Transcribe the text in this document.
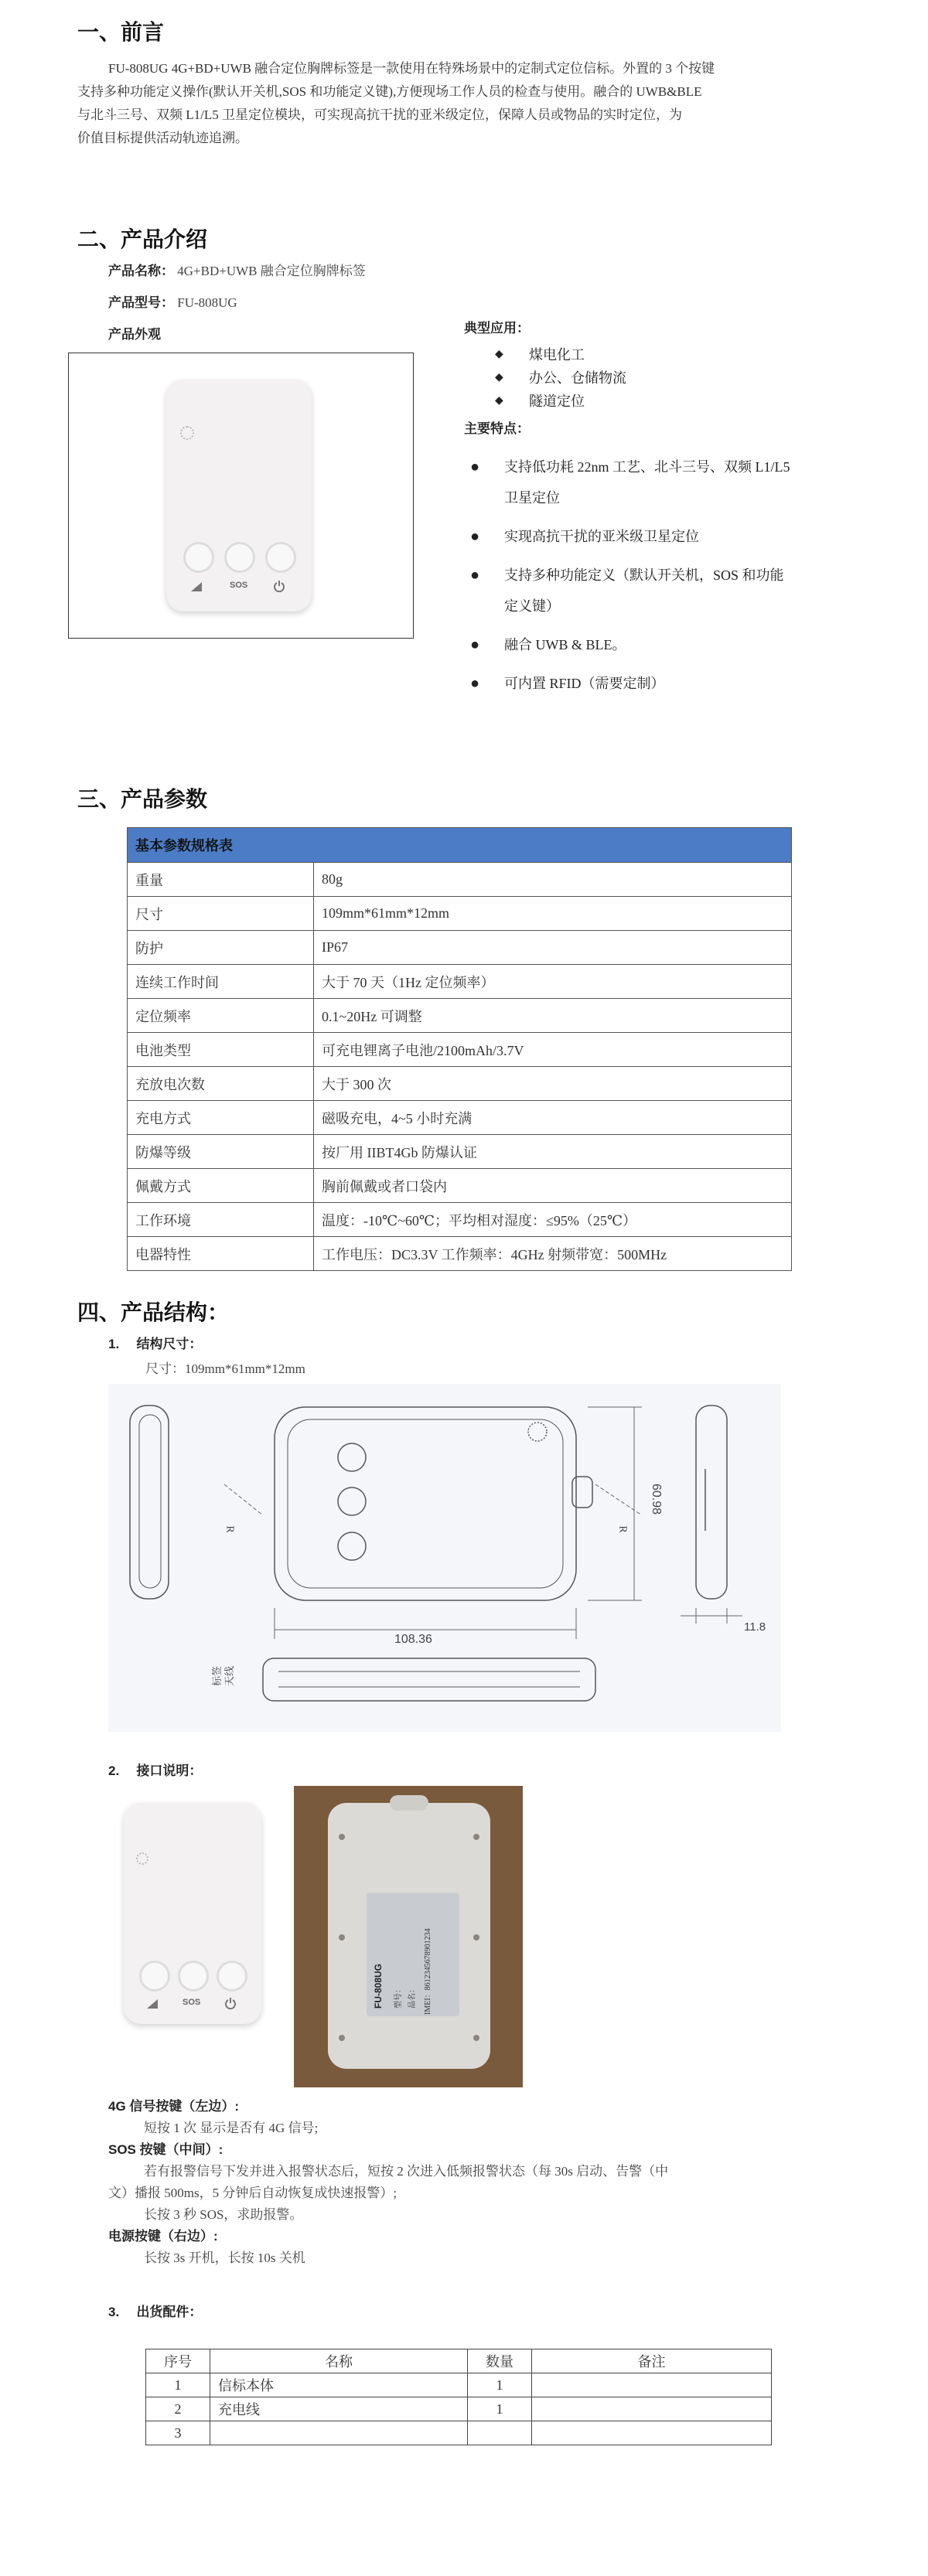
一、前言
FU-808UG 4G+BD+UWB 融合定位胸牌标签是一款使用在特殊场景中的定制式定位信标。外置的 3 个按键
支持多种功能定义操作(默认开关机,SOS 和功能定义键),方便现场工作人员的检查与使用。融合的 UWB&BLE
与北斗三号、双频 L1/L5 卫星定位模块，可实现高抗干扰的亚米级定位，保障人员或物品的实时定位，为
价值目标提供活动轨迹追溯。
二、产品介绍
产品名称： 4G+BD+UWB 融合定位胸牌标签
产品型号： FU-808UG
产品外观
SOS
典型应用：
◆ 煤电化工
◆ 办公、仓储物流
◆ 隧道定位
主要特点：
● 支持低功耗 22nm 工艺、北斗三号、双频 L1/L5
卫星定位
● 实现高抗干扰的亚米级卫星定位
● 支持多种功能定义（默认开关机，SOS 和功能
定义键）
● 融合 UWB & BLE。
● 可内置 RFID（需要定制）
三、产品参数
基本参数规格表	
重量	80g
尺寸	109mm*61mm*12mm
防护	IP67
连续工作时间	大于 70 天（1Hz 定位频率）
定位频率	0.1~20Hz 可调整
电池类型	可充电锂离子电池/2100mAh/3.7V
充放电次数	大于 300 次
充电方式	磁吸充电，4~5 小时充满
防爆等级	按厂用 IIBT4Gb 防爆认证
佩戴方式	胸前佩戴或者口袋内
工作环境	温度：-10℃~60℃；平均相对湿度：≤95%（25℃）
电器特性	工作电压：DC3.3V 工作频率：4GHz 射频带宽：500MHz
四、产品结构：
1. 结构尺寸：
尺寸：109mm*61mm*12mm
108.36
60.98
11.8
R	R
标签
天线
2. 接口说明：
SOS	FU-808UG	型号： 品名： IMEI：8612345678901234
4G 信号按键（左边）:
短按 1 次 显示是否有 4G 信号;
SOS 按键（中间）:
若有报警信号下发并进入报警状态后，短按 2 次进入低频报警状态（每 30s 启动、告警（中
文）播报 500ms，5 分钟后自动恢复成快速报警）;
长按 3 秒 SOS，求助报警。
电源按键（右边）:
长按 3s 开机，长按 10s 关机
3. 出货配件：
序号	名称	数量	备注
1	信标本体	1	
2	充电线	1	
3			
